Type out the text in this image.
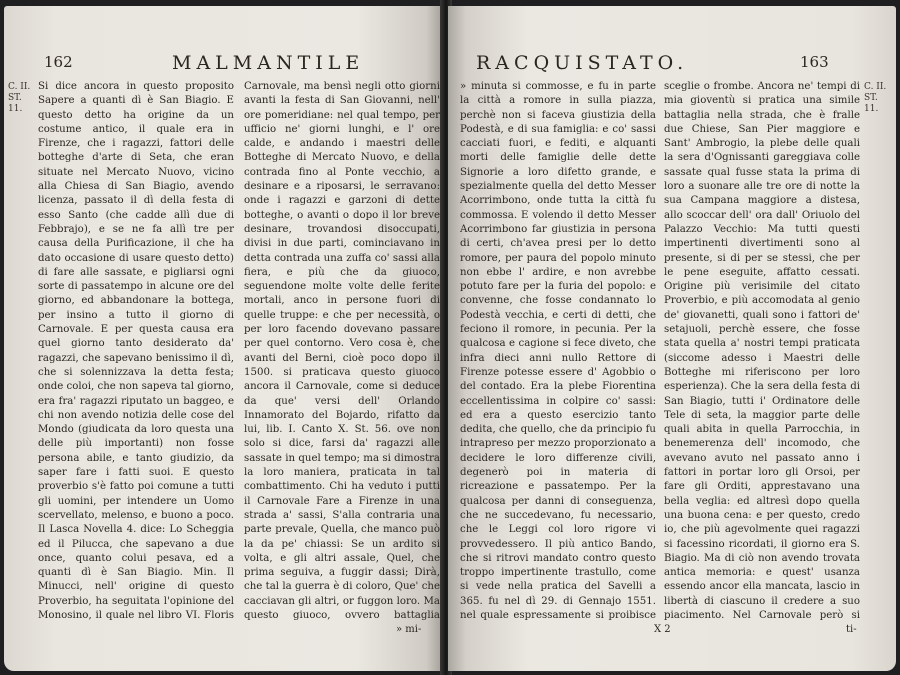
162	MALMANTILE
C. II. ST. 11.

Si dice ancora in questo proposito Sapere a quanti dì è San Biagio. E questo detto ha origine da un costume antico, il quale era in Firenze, che i ragazzi, fattori delle botteghe d'arte di Seta, che eran situate nel Mercato Nuovo, vicino alla Chiesa di San Biagio, avendo licenza, passato il dì della festa di esso Santo (che cadde allì due di Febbrajo), e se ne fa allì tre per causa della Purificazione, il che ha dato occasione di usare questo detto) di fare alle sassate, e pigliarsi ogni sorte di passatempo in alcune ore del giorno, ed abbandonare la bottega, per insino a tutto il giorno di Carnovale. E per questa causa era quel giorno tanto desiderato da' ragazzi, che sapevano benissimo il dì, che si solennizzava la detta festa; onde coloi, che non sapeva tal giorno, era fra' ragazzi riputato un baggeo, e chi non avendo notizia delle cose del Mondo (giudicata da loro questa una delle più importanti) non fosse persona abile, e tanto giudizio, da saper fare i fatti suoi. E questo proverbio s'è fatto poi comune a tutti gli uomini, per intendere un Uomo scervellato, melenso, e buono a poco. Il Lasca Novella 4. dice: Lo Scheggia ed il Pilucca, che sapevano a due once, quanto colui pesava, ed a quanti dì è San Biagio. Min. Il Minucci, nell' origine di questo Proverbio, ha seguitata l'opinione del Monosino, il quale nel libro VI. Floris

Carnovale, ma bensì negli otto giorni avanti la festa di San Giovanni, nell' ore pomeridiane: nel qual tempo, per ufficio ne' giorni lunghi, e l' ore calde, e andando i maestri delle Botteghe di Mercato Nuovo, e della contrada fino al Ponte vecchio, a desinare e a riposarsi, le serravano: onde i ragazzi e garzoni di dette botteghe, o avanti o dopo il lor breve desinare, trovandosi disoccupati, divisi in due parti, cominciavano in detta contrada una zuffa co' sassi alla fiera, e più che da giuoco, seguendone molte volte delle ferite mortali, anco in persone fuori di quelle truppe: e che per necessità, o per loro facendo dovevano passare per quel contorno. Vero cosa è, che avanti del Berni, cioè poco dopo il 1500. si praticava questo giuoco ancora il Carnovale, come si deduce da que' versi dell' Orlando Innamorato del Bojardo, rifatto da lui, lib. I. Canto X. St. 56. ove non solo si dice, farsi da' ragazzi alle sassate in quel tempo; ma si dimostra la loro maniera, praticata in tal combattimento. Chi ha veduto i putti il Carnovale Fare a Firenze in una strada a' sassi, S'alla contraria una parte prevale, Quella, che manco può la da pe' chiassi: Se un ardito si volta, e gli altri assale, Quel, che prima seguiva, a fuggir dassi; Dirà, che tal la guerra è di coloro, Que' che cacciavan gli altri, or fuggon loro. Ma questo giuoco, ovvero battaglia

» mi-
RACQUISTATO.	163
C. II. ST. 11.

» minuta si commosse, e fu in parte la città a romore in sulla piazza, perchè non si faceva giustizia della Podestà, e di sua famiglia: e co' sassi cacciati fuori, e fediti, e alquanti morti delle famiglie delle dette Signorie a loro difetto grande, e spezialmente quella del detto Messer Acorrimbono, onde tutta la città fu commossa. E volendo il detto Messer Acorrimbono far giustizia in persona di certi, ch'avea presi per lo detto romore, per paura del popolo minuto non ebbe l' ardire, e non avrebbe potuto fare per la furia del popolo: e convenne, che fosse condannato lo Podestà vecchia, e certi di detti, che feciono il romore, in pecunia. Per la qualcosa e cagione si fece diveto, che infra dieci anni nullo Rettore di Firenze potesse essere d' Agobbio o del contado. Era la plebe Fiorentina eccellentissima in colpire co' sassi: ed era a questo esercizio tanto dedita, che quello, che da principio fu intrapreso per mezzo proporzionato a decidere le loro differenze civili, degenerò poi in materia di ricreazione e passatempo. Per la qualcosa per danni di conseguenza, che ne succedevano, fu necessario, che le Leggi col loro rigore vi provvedessero. Il più antico Bando, che si ritrovi mandato contro questo troppo impertinente trastullo, come si vede nella pratica del Savelli a 365. fu nel dì 29. di Gennajo 1551. nel quale espressamente si proibisce

sceglie o frombe. Ancora ne' tempi di mia gioventù si pratica una simile battaglia nella strada, che è fralle due Chiese, San Pier maggiore e Sant' Ambrogio, la plebe delle quali la sera d'Ognissanti gareggiava colle sassate qual fusse stata la prima di loro a suonare alle tre ore di notte la sua Campana maggiore a distesa, allo scoccar dell' ora dall' Oriuolo del Palazzo Vecchio: Ma tutti questi impertinenti divertimenti sono al presente, si di per se stessi, che per le pene eseguite, affatto cessati. Origine più verisimile del citato Proverbio, e più accomodata al genio de' giovanetti, quali sono i fattori de' setajuoli, perchè essere, che fosse stata quella a' nostri tempi praticata (siccome adesso i Maestri delle Botteghe mi riferiscono per loro esperienza). Che la sera della festa di San Biagio, tutti i' Ordinatore delle Tele di seta, la maggior parte delle quali abita in quella Parrocchia, in benemerenza dell' incomodo, che avevano avuto nel passato anno i fattori in portar loro gli Orsoi, per fare gli Orditi, apprestavano una bella veglia: ed altresì dopo quella una buona cena: e per questo, credo io, che più agevolmente quei ragazzi si facessino ricordati, il giorno era S. Biagio. Ma di ciò non avendo trovata antica memoria: e quest' usanza essendo ancor ella mancata, lascio in libertà di ciascuno il credere a suo piacimento. Nel Carnovale però si

X 2	ti-
